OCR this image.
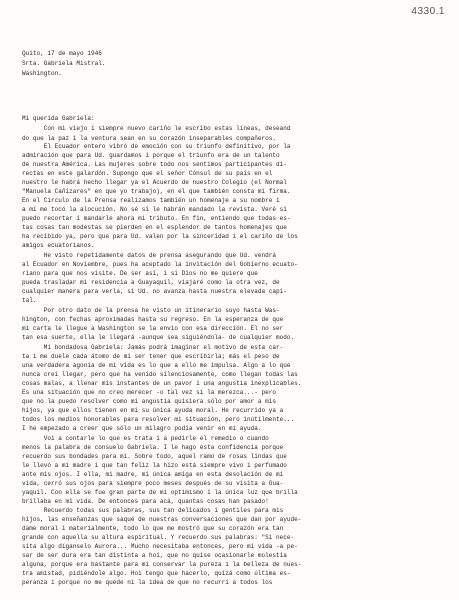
4330.1
Quito, 17 de mayo 1946
Srta. Gabriela Mistral.
Washington.
Mi querida Gabriela:
Con mi viejo i siempre nuevo cariño le escribo estas líneas, deseand
do que la paz i la ventura sean en su corazón inseparables compañeros.
El Ecuador entero vibró de emoción con su triunfo definitivo, por la
admiración que para Ud. guardamos i porque el triunfo era de un talento
de nuestra América. Las mujeres sobre todo nos sentimos participantes di-
rectas en este galardón. Supongo que el señor Cónsul de su país en el
nuestro le habrá hecho llegar ya el Acuerdo de nuestro Colegio (el Normal
"Manuela Cañizares" en que yo trabajo), en el que también consta mi firma.
En el Círculo de la Prensa realizamos también un homenaje a su nombre i
a mí me tocó la alocución. No sé si le habrán mandado la revista. Veré si
puedo recortar i mandarle ahora mi tributo. En fin, entiendo que todas es-
tas cosas tan modestas se pierden en el esplendor de tantos homenajes que
ha recibido ya, pero que para Ud. valen por la sinceridad i el cariño de los
amigos ecuatorianos.
He visto repetidamente datos de prensa asegurando que Ud. vendrá
al Ecuador en Noviembre, pues ha aceptado la invitación del Gobierno ecuato-
riano para que nos visite. De ser así, i si Dios no me quiere que
pueda trasladar mi residencia a Guayaquil, viajaré como la otra vez, de
cualquier manera para verla, si Ud. no avanza hasta nuestra elevada capi-
tal.
Por otro dato de la prensa he visto un itinerario suyo hasta Was-
hington, con fechas aproximadas hasta su regreso. En la esperanza de que
mi carta le llegue a Washington se la envío con esa dirección. El no ser
tan esa suerte, ella le llegará -aunque sea siguiéndola- de cualquier modo.
Mi bondadosa Gabriela: Jamás podrá imaginar el motivo de esta car-
ta i me duele cada átomo de mi ser tener que escribirla; más el peso de
una verdadera agonía de mi vida es lo que a ello me impulsa. Algo a lo que
nunca creí llegar, pero que ha venido silenciosamente, como llegan todas las
cosas malas, a llenar mis instantes de un pavor i una angustia inexplicables.
Es una situación que no creo merecer -o tal vez sí la merezca...- pero
que no la puedo resolver como mi angustia quisiera sólo por amor a mis
hijos, ya que ellos tienen en mí su única ayuda moral. He recurrido ya a
todos los medios honorables para resolver mi situación, pero inútilmente...
I he empezado a creer que sólo un milagro podía venir en mi ayuda.
Voi a contarle lo que es trata i a pedirle el remedio o cuando
menos la palabra de consuelo Gabriela. I le hago esta confidencia porque
recuerdo sus bondades para mí. Sobre todo, aquel ramo de rosas lindas que
le llevó a mi madre i que tan feliz la hizo está siempre vivo i perfumado
ante mis ojos. I ella, mi madre, mi única amiga en esta desolación de mi
vida, cerró sus ojos para siempre poco meses después de su visita a Gua-
yaquil. Con ella se fue gran parte de mi optimismo i la única luz que brilla
brillaba en mi vida. De entonces para acá, quantas cosas han pasado!
Recuerdo todas sus palabras, sus tan delicados i gentiles para mis
hijos, las enseñanzas que saqué de nuestras conversaciones que dan por ayude-
dame moral i materialmente, todo lo que me mostró que su corazón era tan
grande con aquella su altura espiritual. Y recuerdo sus palabras: "Si nece-
sita algo díganselo Aurora... Mucho necesitaba entonces, pero mi vida -a pe-
sar de ser dura era tan distinta a hoi, que no quise ocasionarle molestia
alguna, porque era bastante para mí conservar la pureza i la belleza de nues-
tra amistad, pidiéndole algo. Hoi tengo que hacerlo, quizá como última es-
peranza i porque no me quede ni la idea de que no recurrí a todos los
